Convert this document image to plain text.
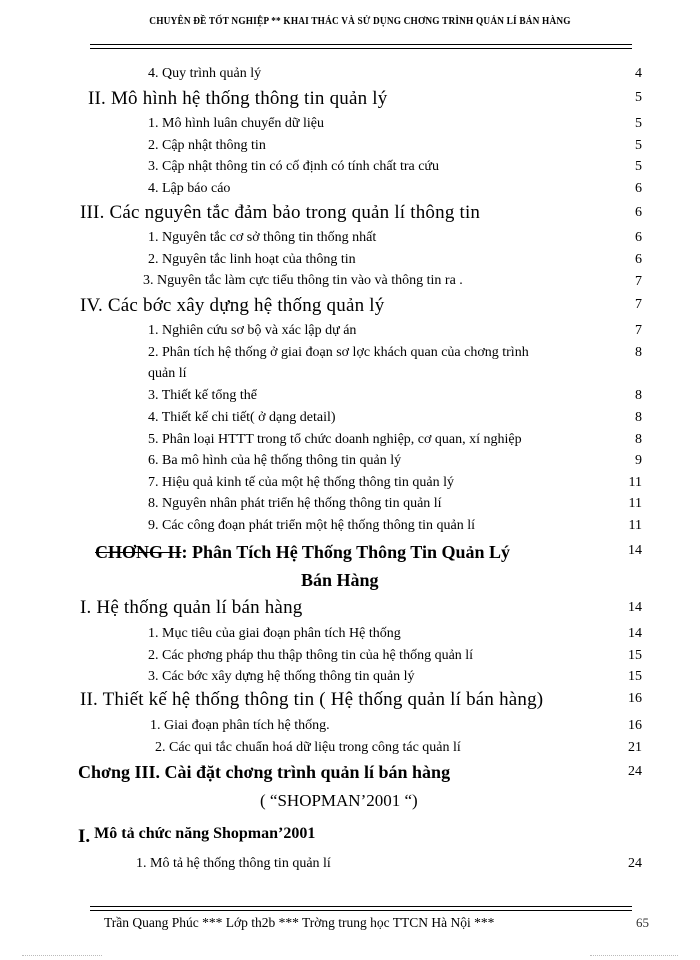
CHUYÊN ĐỀ TỐT NGHIỆP ** KHAI THÁC VÀ SỬ DỤNG CHƠNG TRÌNH QUẢN LÍ BÁN HÀNG
4. Quy trình quản lý	4
II. Mô hình hệ thống thông tin quản lý	5
1. Mô hình luân chuyển dữ liệu	5
2. Cập nhật thông tin	5
3. Cập nhật thông tin có cố định có tính chất tra cứu	5
4. Lập báo cáo	6
III. Các nguyên tắc đảm bảo trong quản lí thông tin	6
1. Nguyên tắc cơ sở thông tin thống nhất	6
2. Nguyên tắc linh hoạt của thông tin	6
3. Nguyên tắc làm cực tiểu thông tin vào và thông tin ra .	7
IV. Các bớc xây dựng hệ thống quản lý	7
1. Nghiên cứu sơ bộ và xác lập dự án	7
2. Phân tích hệ thống ở giai đoạn sơ lợc khách quan của chơng trình	8
quản lí
3. Thiết kế tổng thể	8
4. Thiết kế chi tiết( ở dạng detail)	8
5. Phân loại HTTT trong tổ chức doanh nghiệp, cơ quan, xí nghiệp	8
6. Ba mô hình của hệ thống thông tin quản lý	9
7. Hiệu quả kinh tế của một hệ thống thông tin quản lý	11
8. Nguyên nhân phát triển hệ thống thông tin quản lí	11
9. Các công đoạn phát triển một hệ thống thông tin quản lí	11
CHƠNG II: Phân Tích Hệ Thống Thông Tin Quản Lý	14
Bán Hàng
I. Hệ thống quản lí bán hàng	14
1. Mục tiêu của giai đoạn phân tích Hệ thống	14
2. Các phơng pháp thu thập thông tin của hệ thống quản lí	15
3. Các bớc xây dựng hệ thống thông tin quản lý	15
II. Thiết kế hệ thống thông tin ( Hệ thống quản lí bán hàng)	16
1. Giai đoạn phân tích hệ thống.	16
2. Các qui tắc chuẩn hoá dữ liệu trong công tác quản lí	21
Chơng III. Cài đặt chơng trình quản lí bán hàng	24
( “SHOPMAN’2001 “)
I. Mô tả chức năng Shopman’2001
1. Mô tả hệ thống thông tin quản lí	24
Trần Quang Phúc *** Lớp th2b *** Trờng trung học TTCN Hà Nội ***	65
